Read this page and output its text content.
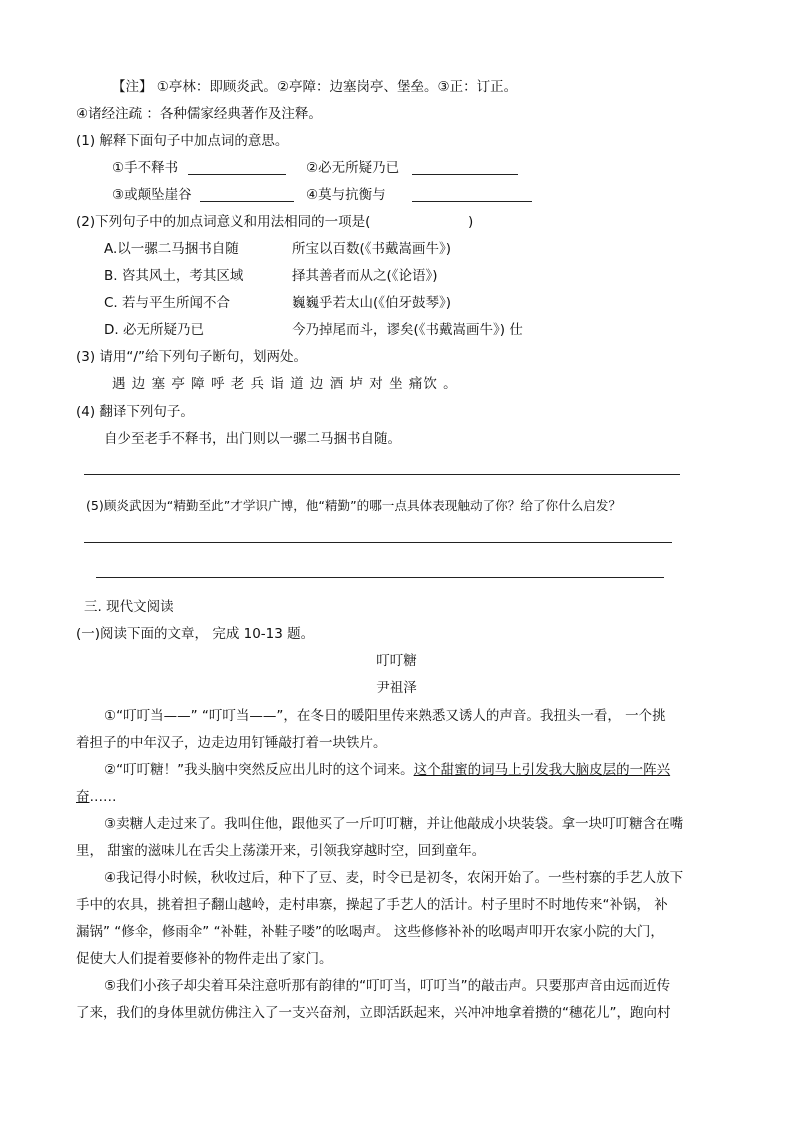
【注】 ①亭林：即顾炎武。②亭障：边塞岗亭、堡垒。③正：订正。
④诸经注疏 ：各种儒家经典著作及注释。
(1) 解释下面句子中加点词的意思。
①手不释书	②必无所疑乃已
③或颠坠崖谷	④莫与抗衡与
(2)下列句子中的加点词意义和用法相同的一项是(	)
A.以一骡二马捆书自随	所宝以百数(《书戴嵩画牛》)
B. 咨其风土，考其区域	择其善者而从之(《论语》)
C. 若与平生所闻不合	巍巍乎若太山(《伯牙鼓琴》)
D. 必无所疑乃已	今乃掉尾而斗，谬矣(《书戴嵩画牛》) 仕
(3) 请用“/”给下列句子断句，划两处。
遇 边 塞 亭 障 呼 老 兵 诣 道 边 酒 垆 对 坐 痛饮 。
(4) 翻译下列句子。
自少至老手不释书，出门则以一骡二马捆书自随。
(5)顾炎武因为“精勤至此”才学识广博，他“精勤”的哪一点具体表现触动了你？给了你什么启发？
三. 现代文阅读
(一)阅读下面的文章， 完成 10-13 题。
叮叮糖
尹祖泽
①“叮叮当——” “叮叮当——”，在冬日的暖阳里传来熟悉又诱人的声音。我扭头一看， 一个挑
着担子的中年汉子，边走边用钉锤敲打着一块铁片。
②“叮叮糖！”我头脑中突然反应出儿时的这个词来。这个甜蜜的词马上引发我大脑皮层的一阵兴
奋……
③卖糖人走过来了。我叫住他，跟他买了一斤叮叮糖，并让他敲成小块装袋。拿一块叮叮糖含在嘴
里， 甜蜜的滋味儿在舌尖上荡漾开来，引领我穿越时空，回到童年。
④我记得小时候，秋收过后，种下了豆、麦，时令已是初冬，农闲开始了。一些村寨的手艺人放下
手中的农具，挑着担子翻山越岭，走村串寨，操起了手艺人的活计。村子里时不时地传来“补锅， 补
漏锅” “修伞，修雨伞” “补鞋，补鞋子喽”的吆喝声。 这些修修补补的吆喝声叩开农家小院的大门，
促使大人们提着要修补的物件走出了家门。
⑤我们小孩子却尖着耳朵注意听那有韵律的“叮叮当，叮叮当”的敲击声。只要那声音由远而近传
了来，我们的身体里就仿佛注入了一支兴奋剂，立即活跃起来，兴冲冲地拿着攒的“穗花儿”，跑向村
